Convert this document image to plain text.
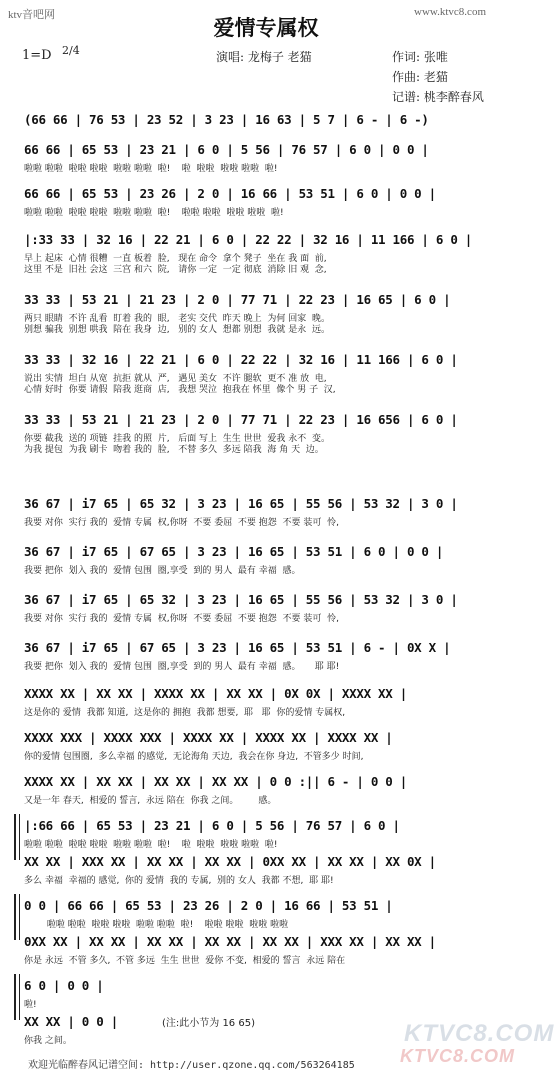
ktv音吧网	www.ktvc8.com
爱情专属权
1=D 2/4	演唱: 龙梅子 老猫	作词: 张唯
作曲: 老猫
记谱: 桃李醉春风
(66 66 | 76 53 | 23 52 | 3 23 | 16 63 | 5 7 | 6 - | 6 -)
66 66 | 65 53 | 23 21 | 6 0 | 5 56 | 76 57 | 6 0 | 0 0 |
啦啦 啦啦  啦啦 啦啦  啦啦 啦啦  啦!    啦  啦啦  啦啦 啦啦  啦!
66 66 | 65 53 | 23 26 | 2 0 | 16 66 | 53 51 | 6 0 | 0 0 |
啦啦 啦啦  啦啦 啦啦  啦啦 啦啦  啦!    啦啦 啦啦  啦啦 啦啦  啦!
|:33 33 | 32 16 | 22 21 | 6 0 | 22 22 | 32 16 | 11 166 | 6 0 |
早上 起床  心情 很糟  一直 板着  脸,   现在 命令  拿个 凳子  坐在 我 面  前,
这里 不是  旧社 会这  三宫 和六  院,   请你 一定  一定 彻底  消除 旧 观  念,
33 33 | 53 21 | 21 23 | 2 0 | 77 71 | 22 23 | 16 65 | 6 0 |
两只 眼睛  不许 乱看  盯着 我的  眼,   老实 交代  昨天 晚上  为何 回家  晚。
别想 骗我  别想 哄我  陪在 我身  边,   别的 女人  想都 别想  我就 是永  远。
33 33 | 32 16 | 22 21 | 6 0 | 22 22 | 32 16 | 11 166 | 6 0 |
说出 实情  坦白 从宽  抗拒 就从  严,   遇见 美女  不许 腿软  更不 准 放  电,
心情 好时  你要 请假  陪我 逛商  店,   我想 哭泣  抱我在 怀里  像个 男 子  汉,
33 33 | 53 21 | 21 23 | 2 0 | 77 71 | 22 23 | 16 656 | 6 0 |
你要 截我  送的 项链  挂我 的照  片,   后面 写上  生生 世世  爱我 永不  变。
为我 提包  为我 刷卡  吻着 我的  脸,   不替 多久  多远 陪我  海 角 天  边。
36 67 | i7 65 | 65 32 | 3 23 | 16 65 | 55 56 | 53 32 | 3 0 |
我要 对你  实行 我的  爱情 专属  权,你呀  不要 委屈  不要 抱怨  不要 装可  怜,
36 67 | i7 65 | 67 65 | 3 23 | 16 65 | 53 51 | 6 0 | 0 0 |
我要 把你  划入 我的  爱情 包围  圈,享受  到的 男人  最有 幸福  感。
36 67 | i7 65 | 65 32 | 3 23 | 16 65 | 55 56 | 53 32 | 3 0 |
我要 对你  实行 我的  爱情 专属  权,你呀  不要 委屈  不要 抱怨  不要 装可  怜,
36 67 | i7 65 | 67 65 | 3 23 | 16 65 | 53 51 | 6 - | 0X X |
我要 把你  划入 我的  爱情 包围  圈,享受  到的 男人  最有 幸福  感。     耶 耶!
XXXX XX | XX XX | XXXX XX | XX XX | 0X 0X | XXXX XX |
这是你的 爱情  我都 知道,  这是你的 拥抱  我都 想要,  耶   耶  你的爱情 专属权,
XXXX XXX | XXXX XXX | XXXX XX | XXXX XX | XXXX XX |
你的爱情 包围圈,  多么幸福 的感觉,  无论海角 天边,  我会在你 身边,  不管多少 时间,
XXXX XX | XX XX | XX XX | XX XX | 0 0 :|| 6 - | 0 0 |
又是一年 春天,  相爱的 誓言,  永远 陪在  你我 之间。       感。
|:66 66 | 65 53 | 23 21 | 6 0 | 5 56 | 76 57 | 6 0 |
啦啦 啦啦  啦啦 啦啦  啦啦 啦啦  啦!    啦  啦啦  啦啦 啦啦  啦!
XX XX | XXX XX | XX XX | XX XX | 0XX XX | XX XX | XX 0X |
多么 幸福  幸福的 感觉,  你的 爱情  我的 专属,  别的 女人  我都 不想,  耶 耶!
0 0 | 66 66 | 65 53 | 23 26 | 2 0 | 16 66 | 53 51 |
啦啦 啦啦  啦啦 啦啦  啦啦 啦啦  啦!    啦啦 啦啦  啦啦 啦啦
0XX XX | XX XX | XX XX | XX XX | XX XX | XXX XX | XX XX |
你是 永远  不管 多久,  不管 多远  生生 世世  爱你 不变,  相爱的 誓言  永远 陪在
6 0 | 0 0 |
啦!
XX XX | 0 0 |
你我 之间。
(注:此小节为 16 65)	KTVC8.COM
KTVC8.COM
欢迎光临醉春风记谱空间: http://user.qzone.qq.com/563264185
